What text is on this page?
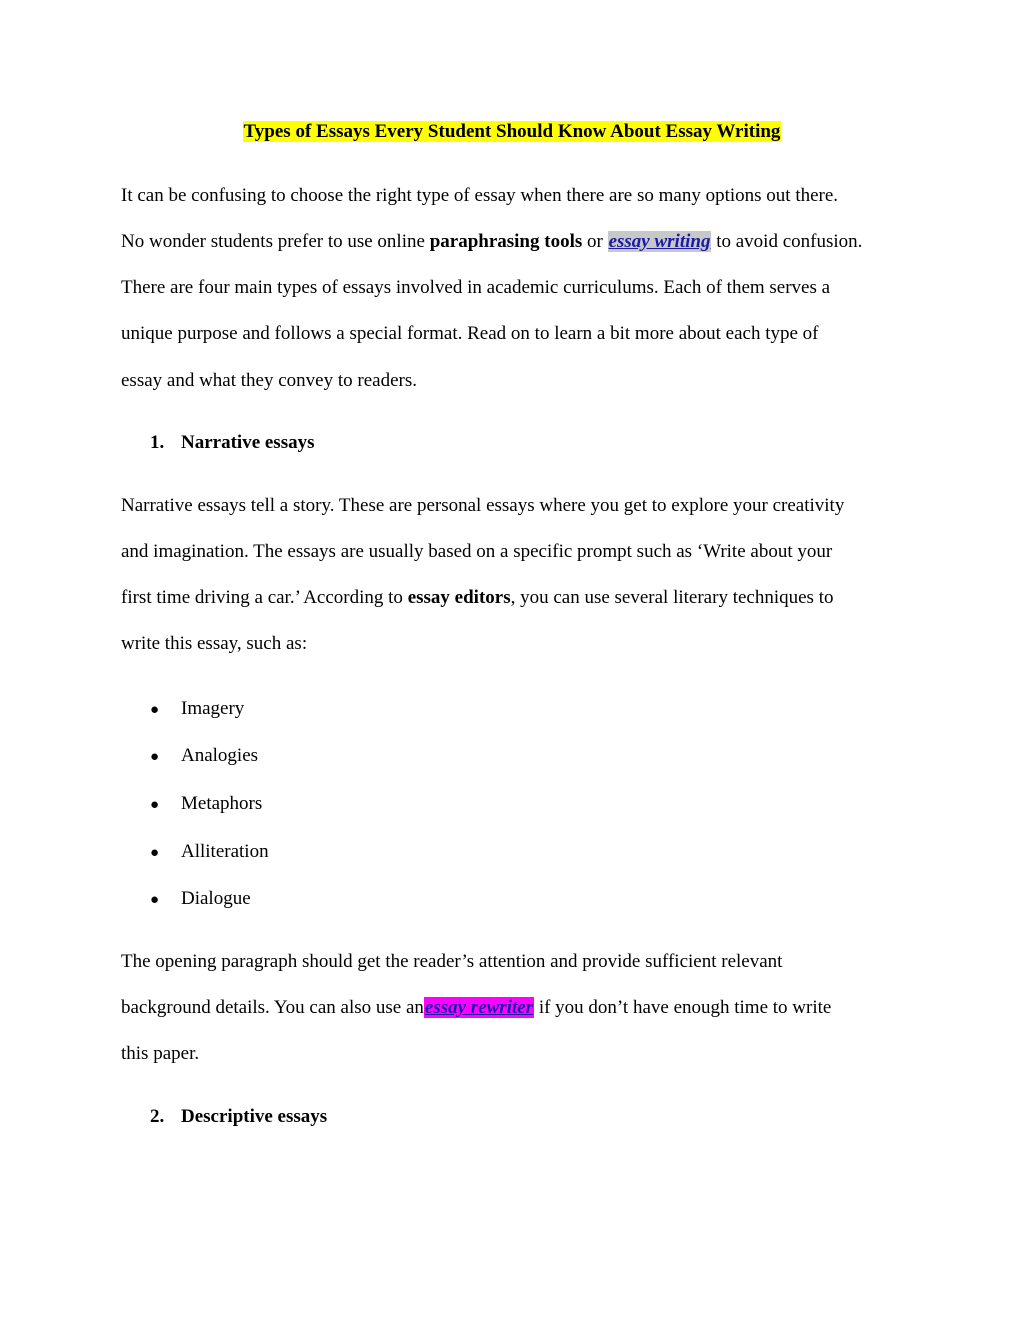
Types of Essays Every Student Should Know About Essay Writing
It can be confusing to choose the right type of essay when there are so many options out there.
No wonder students prefer to use online paraphrasing tools or essay writing to avoid confusion.
There are four main types of essays involved in academic curriculums. Each of them serves a
unique purpose and follows a special format. Read on to learn a bit more about each type of
essay and what they convey to readers.
1. Narrative essays
Narrative essays tell a story. These are personal essays where you get to explore your creativity
and imagination. The essays are usually based on a specific prompt such as ‘Write about your
first time driving a car.’ According to essay editors, you can use several literary techniques to
write this essay, such as:
● Imagery
● Analogies
● Metaphors
● Alliteration
● Dialogue
The opening paragraph should get the reader’s attention and provide sufficient relevant
background details. You can also use anessay rewriter if you don’t have enough time to write
this paper.
2. Descriptive essays
